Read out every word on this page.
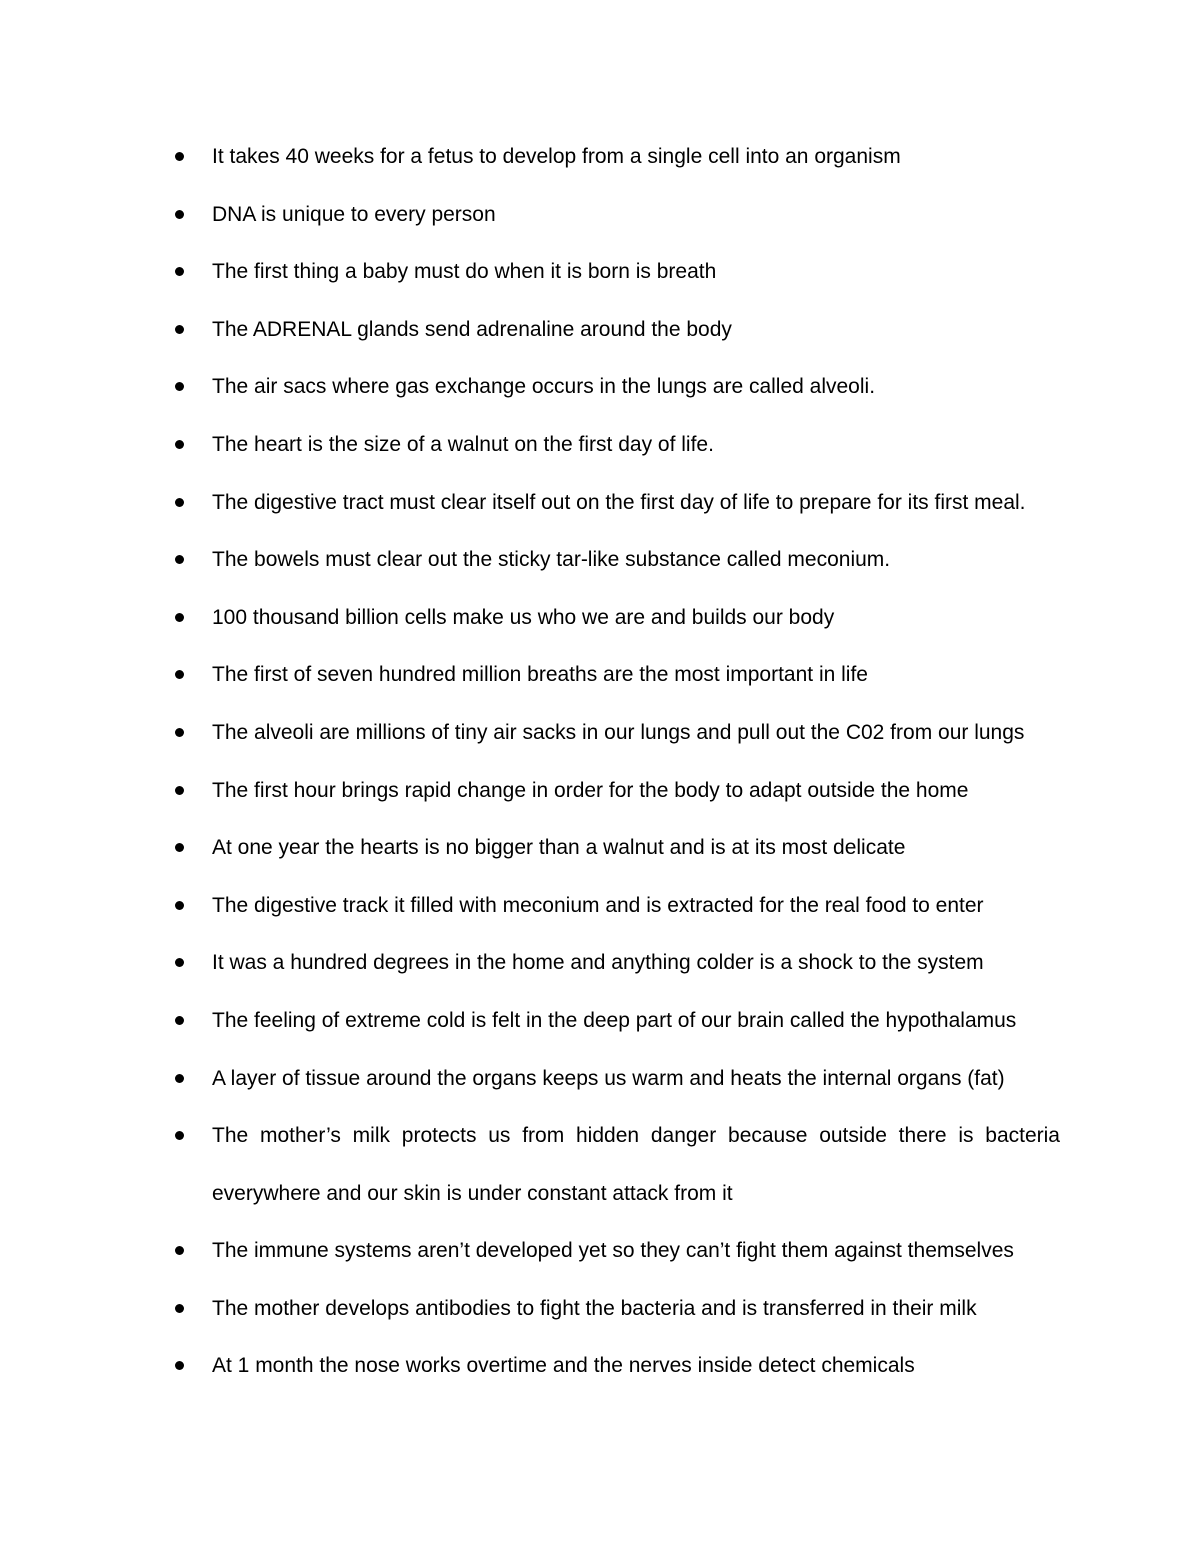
It takes 40 weeks for a fetus to develop from a single cell into an organism
DNA is unique to every person
The first thing a baby must do when it is born is breath
The ADRENAL glands send adrenaline around the body
The air sacs where gas exchange occurs in the lungs are called alveoli.
The heart is the size of a walnut on the first day of life.
The digestive tract must clear itself out on the first day of life to prepare for its first meal.
The bowels must clear out the sticky tar-like substance called meconium.
100 thousand billion cells make us who we are and builds our body
The first of seven hundred million breaths are the most important in life
The alveoli are millions of tiny air sacks in our lungs and pull out the C02 from our lungs
The first hour brings rapid change in order for the body to adapt outside the home
At one year the hearts is no bigger than a walnut and is at its most delicate
The digestive track it filled with meconium and is extracted for the real food to enter
It was a hundred degrees in the home and anything colder is a shock to the system
The feeling of extreme cold is felt in the deep part of our brain called the hypothalamus
A layer of tissue around the organs keeps us warm and heats the internal organs (fat)
The mother’s milk protects us from hidden danger because outside there is bacteria everywhere and our skin is under constant attack from it
The immune systems aren’t developed yet so they can’t fight them against themselves
The mother develops antibodies to fight the bacteria and is transferred in their milk
At 1 month the nose works overtime and the nerves inside detect chemicals
